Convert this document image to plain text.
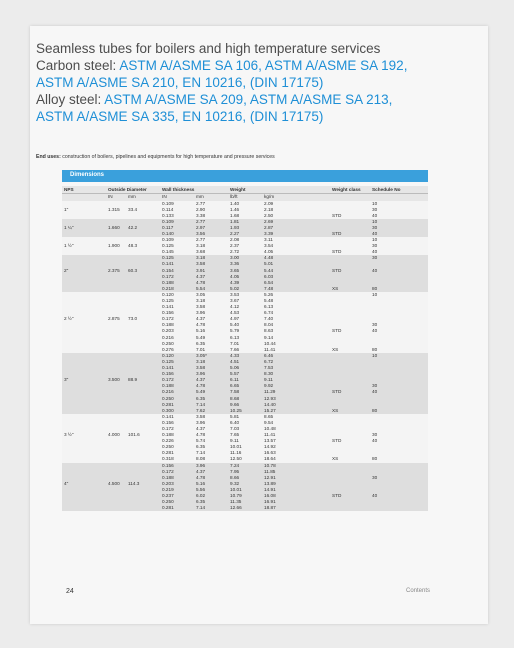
Seamless tubes for boilers and high temperature services
Carbon steel: ASTM A/ASME SA 106, ASTM A/ASME SA 192,
ASTM A/ASME SA 210, EN 10216, (DIN 17175)
Alloy steel: ASTM A/ASME SA 209, ASTM A/ASME SA 213,
ASTM A/ASME SA 335, EN 10216, (DIN 17175)
End uses: construction of boilers, pipelines and equipments for high temperature and pressure services
Dimensions
NPS	Outside Diameter		Wall thickness		Weight			Weight class	Schedule No
	IN	mm	IN	mm	lb/ft	kg/m			
			0.109	2.77	1.40	2.09			10
1"	1.315	33.4	0.114	2.90	1.46	2.18			30
			0.133	3.38	1.68	2.50		STD	40
			0.109	2.77	1.81	2.69			10
1 ¼"	1.660	42.2	0.117	2.97	1.93	2.87			30
			0.140	3.56	2.27	3.39		STD	40
			0.109	2.77	2.08	3.11			10
1 ½"	1.900	48.3	0.125	3.18	2.37	3.54			30
			0.145	3.68	2.72	4.05		STD	40
			0.125	3.18	3.00	4.48			30
			0.141	3.58	3.36	5.01			
2"	2.375	60.3	0.154	3.91	3.65	5.44		STD	40
			0.172	4.37	4.05	6.03			
			0.188	4.78	4.39	6.54			
			0.218	5.54	5.02	7.48		XS	80
			0.120	3.05	3.53	5.26			10
			0.125	3.18	3.67	5.48			
			0.141	3.58	4.12	6.13			
			0.156	3.96	4.53	6.74			
2 ½"	2.875	73.0	0.172	4.37	4.97	7.40			
			0.188	4.78	5.40	8.04			30
			0.203	5.16	5.79	8.63		STD	40
			0.216	5.49	6.13	9.14			
			0.250	6.35	7.01	10.44			
			0.276	7.01	7.66	11.41		XS	80
			0.120	3.05*	4.33	6.46			10
			0.125	3.18	4.51	6.72			
			0.141	3.58	5.06	7.53			
			0.156	3.96	5.57	8.30			
3"	3.500	88.9	0.172	4.37	6.11	9.11			
			0.188	4.78	6.65	9.92			30
			0.216	5.49	7.58	11.29		STD	40
			0.250	6.35	8.68	12.93			
			0.281	7.14	9.66	14.40			
			0.300	7.62	10.25	15.27		XS	80
			0.141	3.58	5.81	8.65			
			0.156	3.96	6.40	9.54			
			0.172	4.37	7.03	10.48			
3 ½"	4.000	101.6	0.188	4.78	7.65	11.41			30
			0.226	5.74	9.11	13.57		STD	40
			0.250	6.35	10.01	14.92			
			0.281	7.14	11.16	16.63			
			0.318	8.08	12.50	18.64		XS	80
			0.156	3.96	7.24	10.78			
			0.172	4.37	7.95	11.85			
			0.188	4.78	8.66	12.91			30
4"	4.500	114.3	0.203	5.16	9.32	13.89			
			0.219	5.56	10.01	14.91			
			0.237	6.02	10.79	16.08		STD	40
			0.250	6.35	11.35	16.91			
			0.281	7.14	12.66	18.87			
24	Contents
